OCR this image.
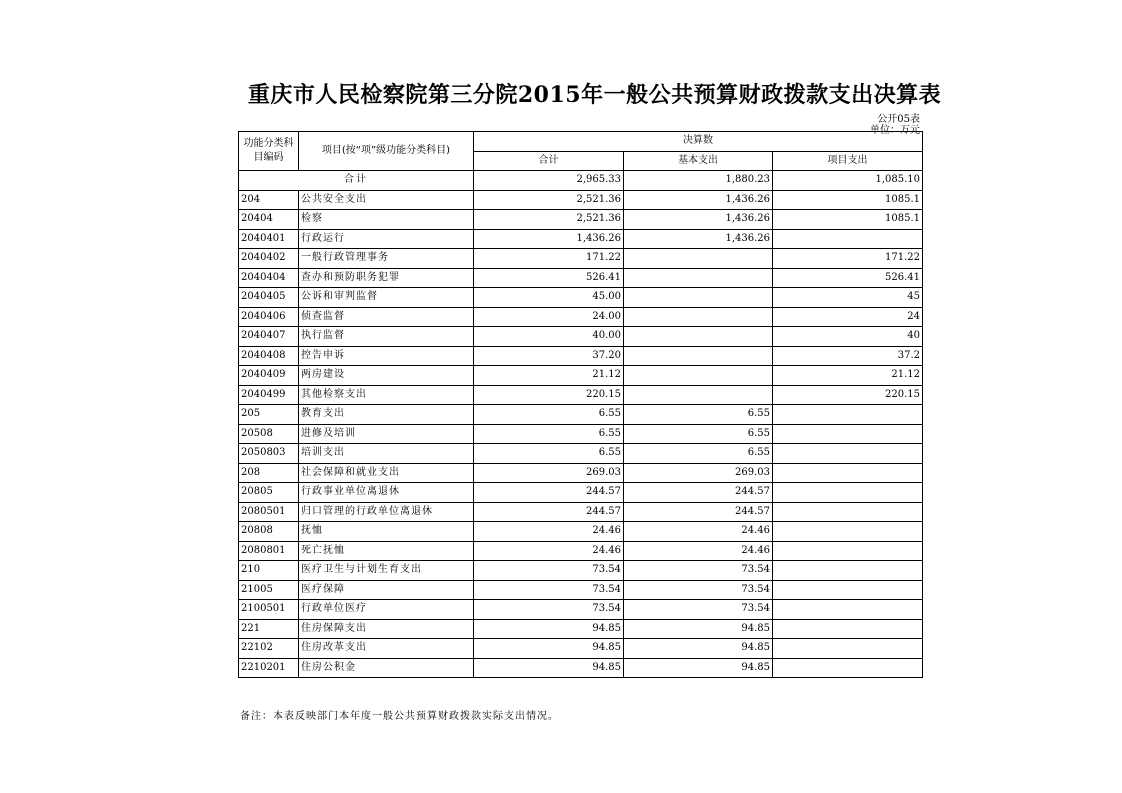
重庆市人民检察院第三分院2015年一般公共预算财政拨款支出决算表
公开05表
单位：万元
功能分类科目编码	项目(按“项”级功能分类科目)	决算数		
		合计	基本支出	项目支出
合计		2,965.33	1,880.23	1,085.10
204	公共安全支出	2,521.36	1,436.26	1085.1
20404	检察	2,521.36	1,436.26	1085.1
2040401	行政运行	1,436.26	1,436.26	
2040402	一般行政管理事务	171.22		171.22
2040404	查办和预防职务犯罪	526.41		526.41
2040405	公诉和审判监督	45.00		45
2040406	侦查监督	24.00		24
2040407	执行监督	40.00		40
2040408	控告申诉	37.20		37.2
2040409	两房建设	21.12		21.12
2040499	其他检察支出	220.15		220.15
205	教育支出	6.55	6.55	
20508	进修及培训	6.55	6.55	
2050803	培训支出	6.55	6.55	
208	社会保障和就业支出	269.03	269.03	
20805	行政事业单位离退休	244.57	244.57	
2080501	归口管理的行政单位离退休	244.57	244.57	
20808	抚恤	24.46	24.46	
2080801	死亡抚恤	24.46	24.46	
210	医疗卫生与计划生育支出	73.54	73.54	
21005	医疗保障	73.54	73.54	
2100501	行政单位医疗	73.54	73.54	
221	住房保障支出	94.85	94.85	
22102	住房改革支出	94.85	94.85	
2210201	住房公积金	94.85	94.85	
备注：本表反映部门本年度一般公共预算财政拨款实际支出情况。
